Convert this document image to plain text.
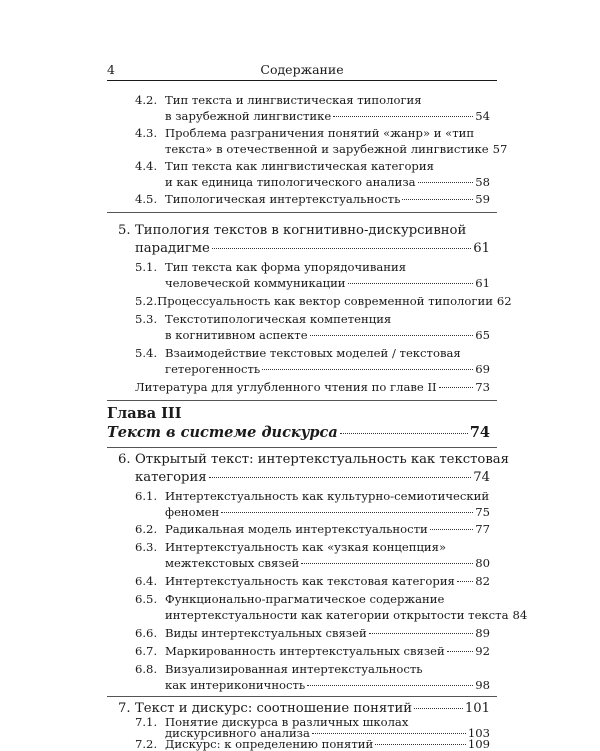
4	Содержание
4.2. Тип текста и лингвистическая типология
в зарубежной лингвистике	54
4.3. Проблема разграничения понятий «жанр» и «тип
текста» в отечественной и зарубежной лингвистике 57
4.4. Тип текста как лингвистическая категория
и как единица типологического анализа	58
4.5. Типологическая интертекстуальность	59
5. Типология текстов в когнитивно-дискурсивной
парадигме	61
5.1. Тип текста как форма упорядочивания
человеческой коммуникации	61
5.2. Процессуальность как вектор современной типологии 62
5.3. Текстотипологическая компетенция
в когнитивном аспекте	65
5.4. Взаимодействие текстовых моделей / текстовая
гетерогенность	69
Литература для углубленного чтения по главе II	73
Глава III
Текст в системе дискурса	74
6. Открытый текст: интертекстуальность как текстовая
категория	74
6.1. Интертекстуальность как культурно-семиотический
феномен	75
6.2. Радикальная модель интертекстуальности	77
6.3. Интертекстуальность как «узкая концепция»
межтекстовых связей	80
6.4. Интертекстуальность как текстовая категория 82
6.5. Функционально-прагматическое содержание
интертекстуальности как категории открытости текста 84
6.6. Виды интертекстуальных связей	89
6.7. Маркированность интертекстуальных связей	92
6.8. Визуализированная интертекстуальность
как интериконичность	98
7. Текст и дискурс: соотношение понятий	101
7.1. Понятие дискурса в различных школах
дискурсивного анализа	103
7.2. Дискурс: к определению понятий	109
